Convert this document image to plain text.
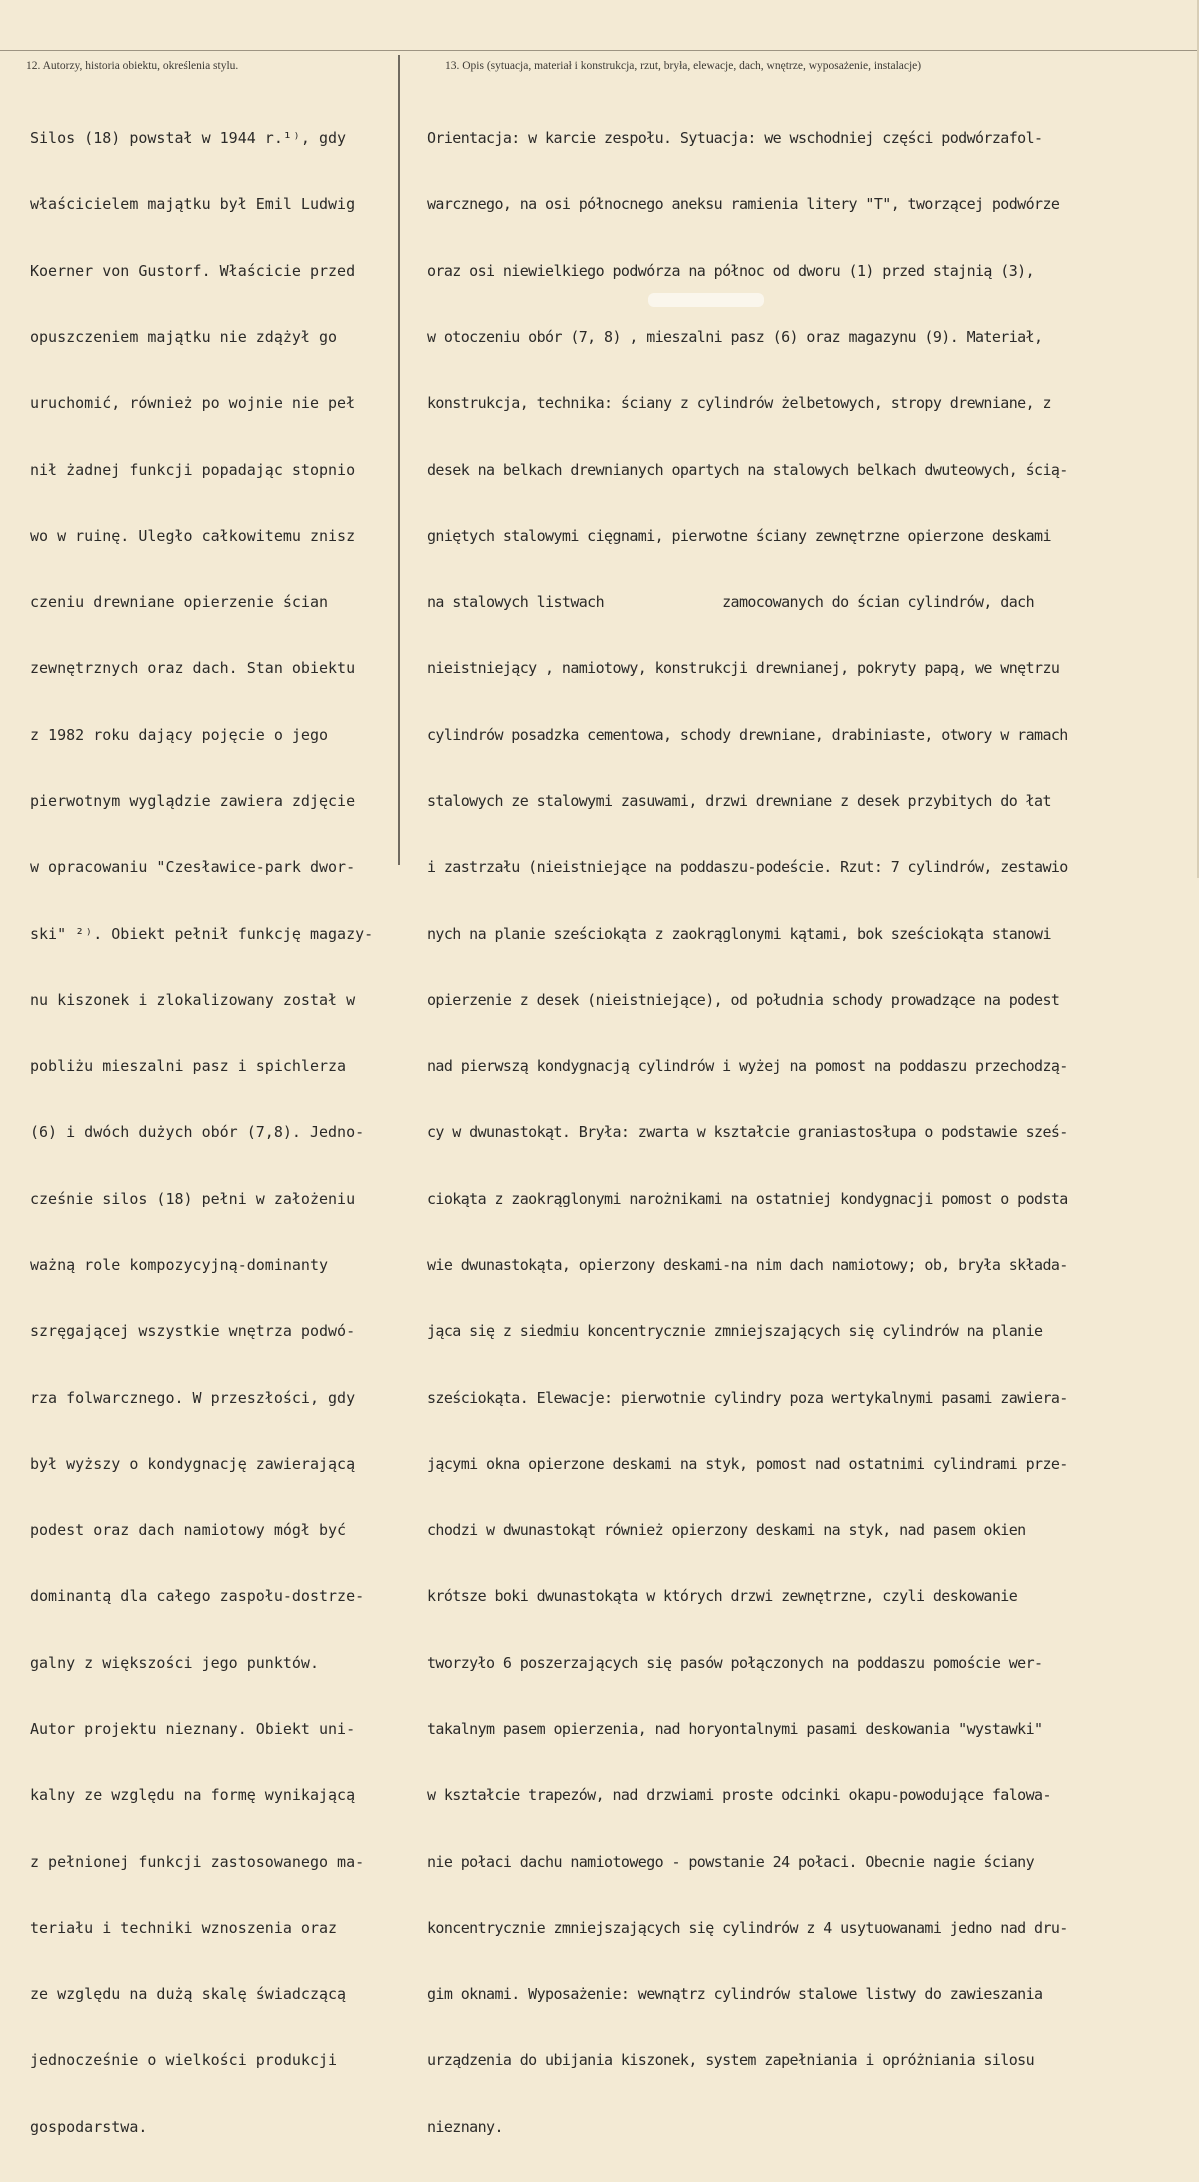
12. Autorzy, historia obiektu, określenia stylu.	13. Opis (sytuacja, materiał i konstrukcja, rzut, bryła, elewacje, dach, wnętrze, wyposażenie, instalacje)

Silos (18) powstał w 1944 r.¹⁾, gdy

właścicielem majątku był Emil Ludwig

Koerner von Gustorf. Właścicie przed

opuszczeniem majątku nie zdążył go

uruchomić, również po wojnie nie peł

nił żadnej funkcji popadając stopnio

wo w ruinę. Uległo całkowitemu znisz

czeniu drewniane opierzenie ścian

zewnętrznych oraz dach. Stan obiektu

z 1982 roku dający pojęcie o jego

pierwotnym wyglądzie zawiera zdjęcie

w opracowaniu "Czesławice-park dwor-

ski" ²⁾. Obiekt pełnił funkcję magazy-

nu kiszonek i zlokalizowany został w

pobliżu mieszalni pasz i spichlerza

(6) i dwóch dużych obór (7,8). Jedno-

cześnie silos (18) pełni w założeniu

ważną role kompozycyjną-dominanty

szręgającej wszystkie wnętrza podwó-

rza folwarcznego. W przeszłości, gdy

był wyższy o kondygnację zawierającą

podest oraz dach namiotowy mógł być

dominantą dla całego zaspołu-dostrze-

galny z większości jego punktów.

Autor projektu nieznany. Obiekt uni-

kalny ze względu na formę wynikającą

z pełnionej funkcji zastosowanego ma-

teriału i techniki wznoszenia oraz

ze względu na dużą skalę świadczącą

jednocześnie o wielkości produkcji

gospodarstwa.

Orientacja: w karcie zespołu. Sytuacja: we wschodniej części podwórzafol-

warcznego, na osi północnego aneksu ramienia litery "T", tworzącej podwórze

oraz osi niewielkiego podwórza na północ od dworu (1) przed stajnią (3),

w otoczeniu obór (7, 8) , mieszalni pasz (6) oraz magazynu (9). Materiał,

konstrukcja, technika: ściany z cylindrów żelbetowych, stropy drewniane, z

desek na belkach drewnianych opartych na stalowych belkach dwuteowych, ścią-

gniętych stalowymi cięgnami, pierwotne ściany zewnętrzne opierzone deskami

na stalowych listwach              zamocowanych do ścian cylindrów, dach

nieistniejący , namiotowy, konstrukcji drewnianej, pokryty papą, we wnętrzu

cylindrów posadzka cementowa, schody drewniane, drabiniaste, otwory w ramach

stalowych ze stalowymi zasuwami, drzwi drewniane z desek przybitych do łat

i zastrzału (nieistniejące na poddaszu-podeście. Rzut: 7 cylindrów, zestawio

nych na planie sześciokąta z zaokrąglonymi kątami, bok sześciokąta stanowi

opierzenie z desek (nieistniejące), od południa schody prowadzące na podest

nad pierwszą kondygnacją cylindrów i wyżej na pomost na poddaszu przechodzą-

cy w dwunastokąt. Bryła: zwarta w kształcie graniastosłupa o podstawie sześ-

ciokąta z zaokrąglonymi narożnikami na ostatniej kondygnacji pomost o podsta

wie dwunastokąta, opierzony deskami-na nim dach namiotowy; ob, bryła składa-

jąca się z siedmiu koncentrycznie zmniejszających się cylindrów na planie

sześciokąta. Elewacje: pierwotnie cylindry poza wertykalnymi pasami zawiera-

jącymi okna opierzone deskami na styk, pomost nad ostatnimi cylindrami prze-

chodzi w dwunastokąt również opierzony deskami na styk, nad pasem okien

krótsze boki dwunastokąta w których drzwi zewnętrzne, czyli deskowanie

tworzyło 6 poszerzających się pasów połączonych na poddaszu pomoście wer-

takalnym pasem opierzenia, nad horyontalnymi pasami deskowania "wystawki"

w kształcie trapezów, nad drzwiami proste odcinki okapu-powodujące falowa-

nie połaci dachu namiotowego - powstanie 24 połaci. Obecnie nagie ściany

koncentrycznie zmniejszających się cylindrów z 4 usytuowanami jedno nad dru-

gim oknami. Wyposażenie: wewnątrz cylindrów stalowe listwy do zawieszania

urządzenia do ubijania kiszonek, system zapełniania i opróżniania silosu

nieznany.
